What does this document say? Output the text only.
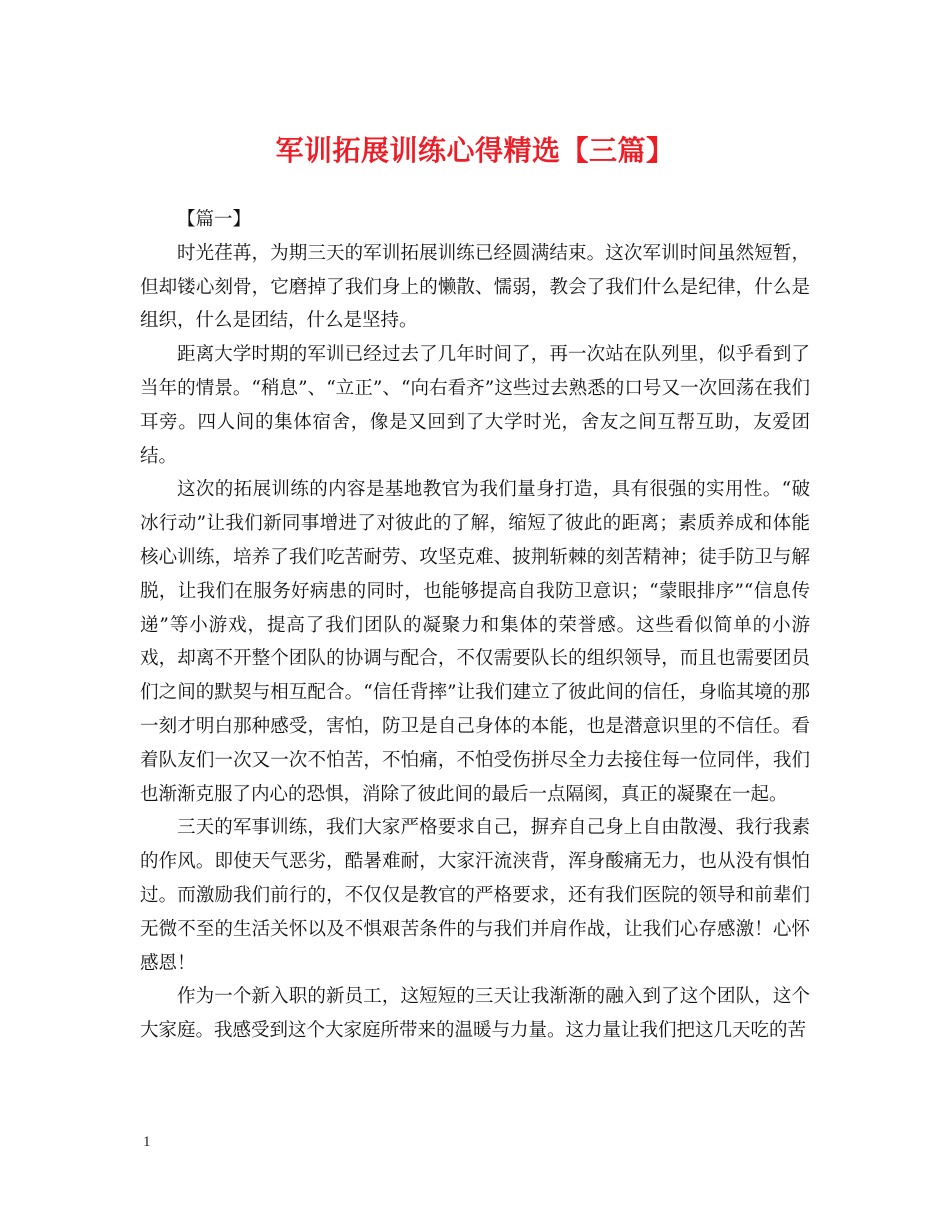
军训拓展训练心得精选【三篇】

【篇一】

时光荏苒，为期三天的军训拓展训练已经圆满结束。这次军训时间虽然短暂，但却镂心刻骨，它磨掉了我们身上的懒散、懦弱，教会了我们什么是纪律，什么是组织，什么是团结，什么是坚持。

距离大学时期的军训已经过去了几年时间了，再一次站在队列里，似乎看到了当年的情景。“稍息”、“立正”、“向右看齐”这些过去熟悉的口号又一次回荡在我们耳旁。四人间的集体宿舍，像是又回到了大学时光，舍友之间互帮互助，友爱团结。

这次的拓展训练的内容是基地教官为我们量身打造，具有很强的实用性。“破冰行动”让我们新同事增进了对彼此的了解，缩短了彼此的距离；素质养成和体能核心训练，培养了我们吃苦耐劳、攻坚克难、披荆斩棘的刻苦精神；徒手防卫与解脱，让我们在服务好病患的同时，也能够提高自我防卫意识；“蒙眼排序”“信息传递”等小游戏，提高了我们团队的凝聚力和集体的荣誉感。这些看似简单的小游戏，却离不开整个团队的协调与配合，不仅需要队长的组织领导，而且也需要团员们之间的默契与相互配合。“信任背摔”让我们建立了彼此间的信任，身临其境的那一刻才明白那种感受，害怕，防卫是自己身体的本能，也是潜意识里的不信任。看着队友们一次又一次不怕苦，不怕痛，不怕受伤拼尽全力去接住每一位同伴，我们也渐渐克服了内心的恐惧，消除了彼此间的最后一点隔阂，真正的凝聚在一起。

三天的军事训练，我们大家严格要求自己，摒弃自己身上自由散漫、我行我素的作风。即使天气恶劣，酷暑难耐，大家汗流浃背，浑身酸痛无力，也从没有惧怕过。而激励我们前行的，不仅仅是教官的严格要求，还有我们医院的领导和前辈们无微不至的生活关怀以及不惧艰苦条件的与我们并肩作战，让我们心存感激！心怀感恩！

作为一个新入职的新员工，这短短的三天让我渐渐的融入到了这个团队，这个大家庭。我感受到这个大家庭所带来的温暖与力量。这力量让我们把这几天吃的苦

1
